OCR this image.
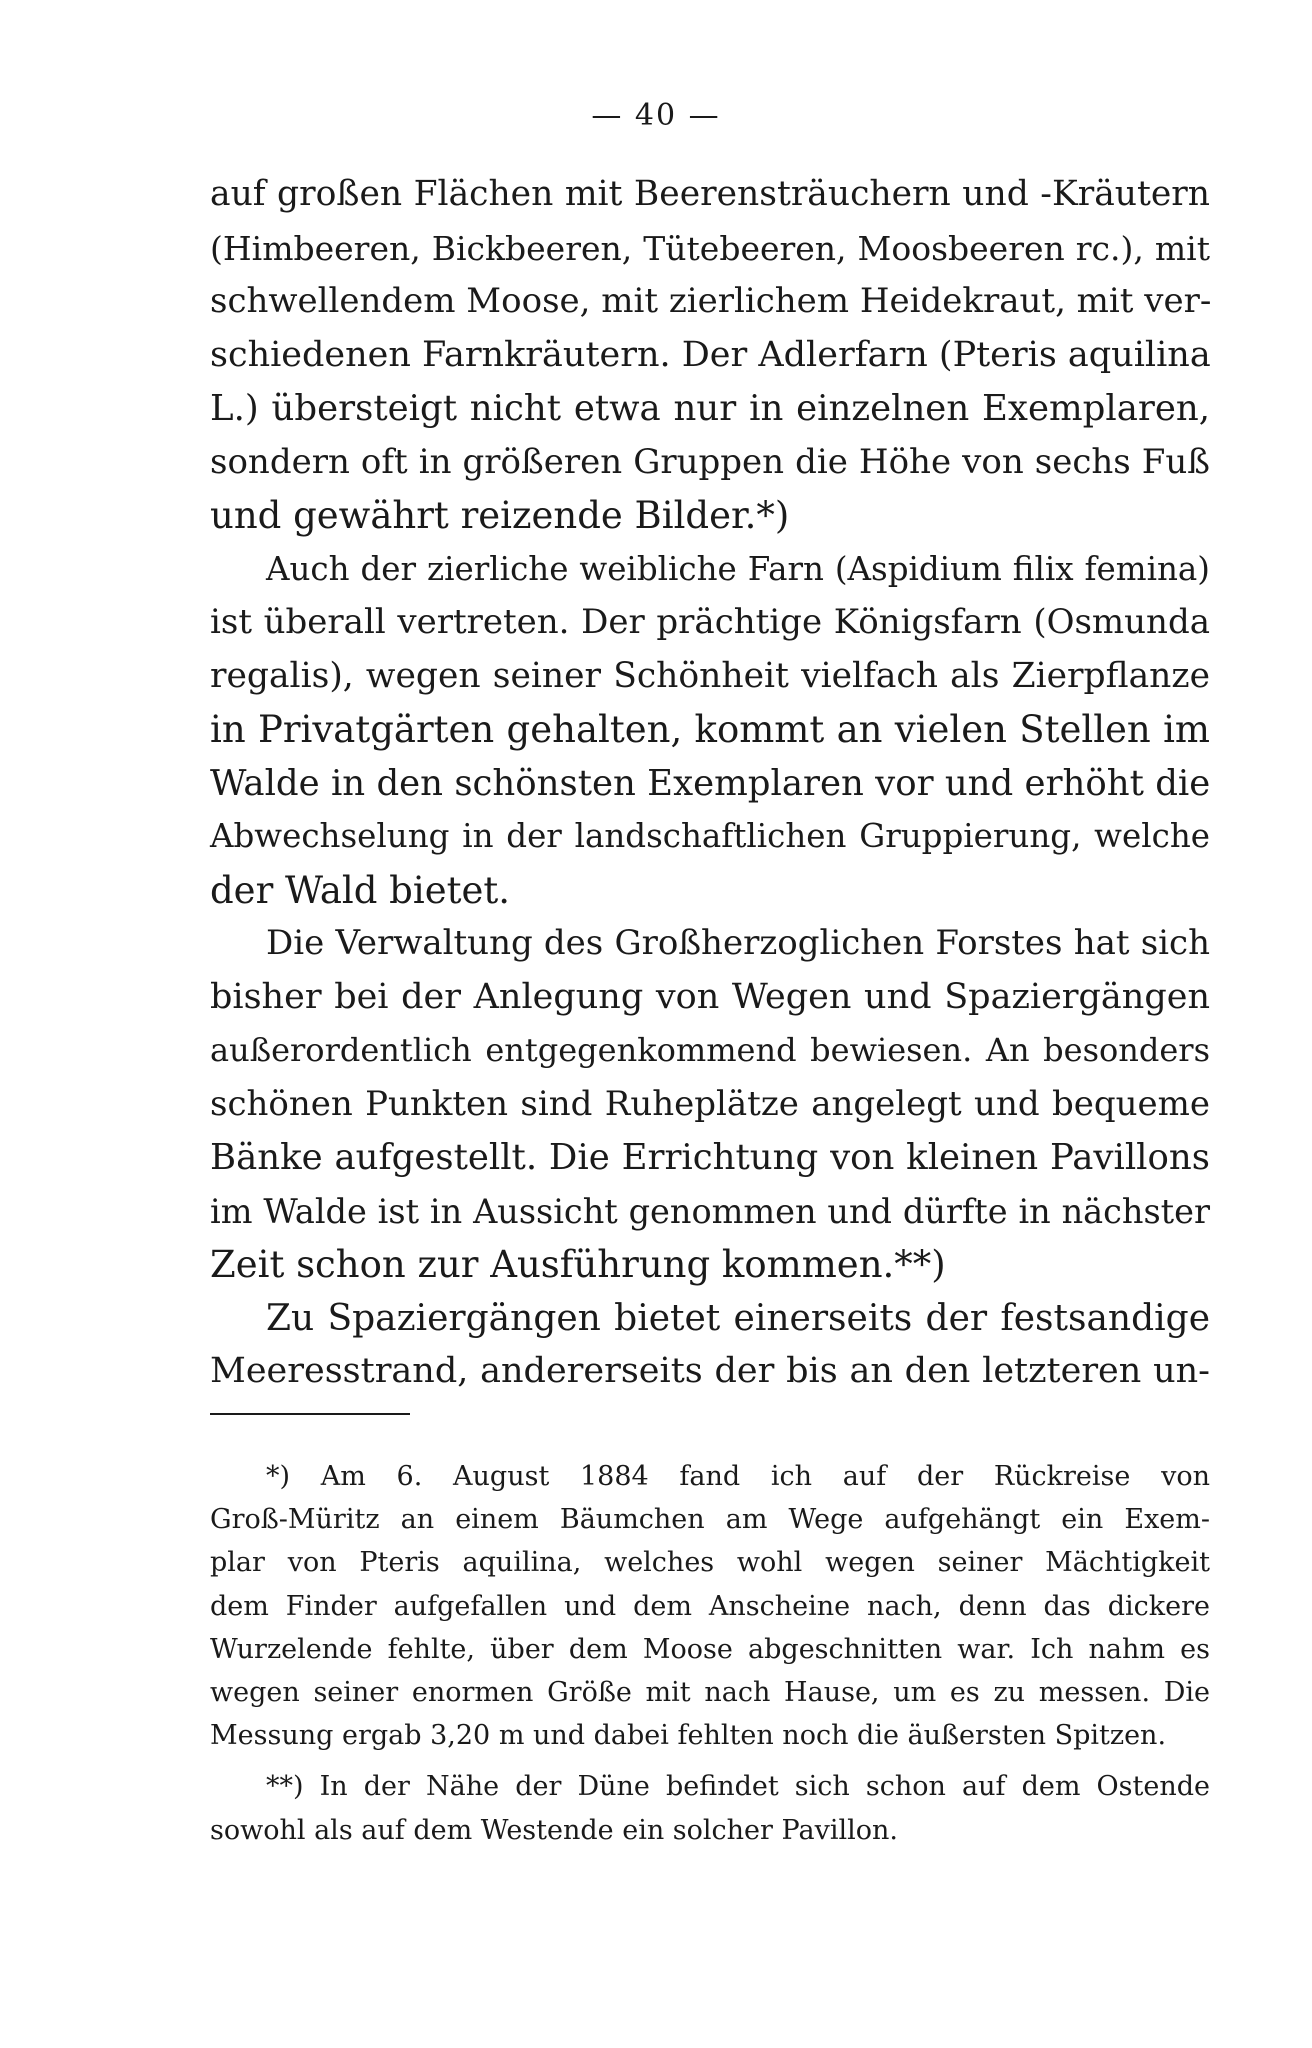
— 40 —
auf großen Flächen mit Beerensträuchern und -Kräutern
(Himbeeren, Bickbeeren, Tütebeeren, Moosbeeren rc.), mit
schwellendem Moose, mit zierlichem Heidekraut, mit ver-
schiedenen Farnkräutern. Der Adlerfarn (Pteris aquilina
L.) übersteigt nicht etwa nur in einzelnen Exemplaren,
sondern oft in größeren Gruppen die Höhe von sechs Fuß
und gewährt reizende Bilder.*)
Auch der zierliche weibliche Farn (Aspidium filix femina)
ist überall vertreten. Der prächtige Königsfarn (Osmunda
regalis), wegen seiner Schönheit vielfach als Zierpflanze
in Privatgärten gehalten, kommt an vielen Stellen im
Walde in den schönsten Exemplaren vor und erhöht die
Abwechselung in der landschaftlichen Gruppierung, welche
der Wald bietet.
Die Verwaltung des Großherzoglichen Forstes hat sich
bisher bei der Anlegung von Wegen und Spaziergängen
außerordentlich entgegenkommend bewiesen. An besonders
schönen Punkten sind Ruheplätze angelegt und bequeme
Bänke aufgestellt. Die Errichtung von kleinen Pavillons
im Walde ist in Aussicht genommen und dürfte in nächster
Zeit schon zur Ausführung kommen.**)
Zu Spaziergängen bietet einerseits der festsandige
Meeresstrand, andererseits der bis an den letzteren un-
*) Am 6. August 1884 fand ich auf der Rückreise von
Groß-Müritz an einem Bäumchen am Wege aufgehängt ein Exem-
plar von Pteris aquilina, welches wohl wegen seiner Mächtigkeit
dem Finder aufgefallen und dem Anscheine nach, denn das dickere
Wurzelende fehlte, über dem Moose abgeschnitten war. Ich nahm es
wegen seiner enormen Größe mit nach Hause, um es zu messen. Die
Messung ergab 3,20 m und dabei fehlten noch die äußersten Spitzen.
**) In der Nähe der Düne befindet sich schon auf dem Ostende
sowohl als auf dem Westende ein solcher Pavillon.
